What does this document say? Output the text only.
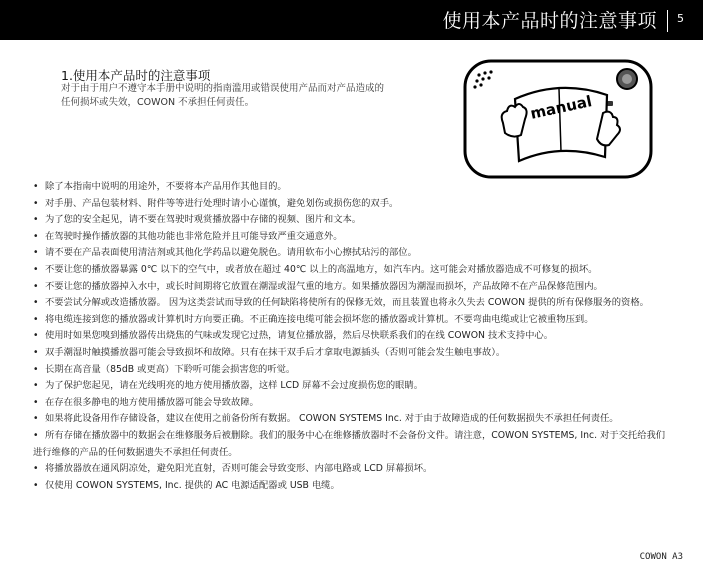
使用本产品时的注意事项 5
1.使用本产品时的注意事项
对于由于用户不遵守本手册中说明的指南滥用或错误使用产品而对产品造成的
任何损坏或失效，COWON 不承担任何责任。	manual
• 除了本指南中说明的用途外，不要将本产品用作其他目的。
• 对手册、产品包装材料、附件等等进行处理时请小心谨慎，避免划伤或损伤您的双手。
• 为了您的安全起见，请不要在驾驶时观赏播放器中存储的视频、图片和文本。
• 在驾驶时操作播放器的其他功能也非常危险并且可能导致严重交通意外。
• 请不要在产品表面使用清洁剂或其他化学药品以避免脱色。请用软布小心擦拭玷污的部位。
• 不要让您的播放器暴露 0℃ 以下的空气中，或者放在超过 40℃ 以上的高温地方，如汽车内。这可能会对播放器造成不可修复的损坏。
• 不要让您的播放器掉入水中，或长时间期将它放置在潮湿或湿气重的地方。如果播放器因为潮湿而损坏，产品故障不在产品保修范围内。
• 不要尝试分解或改造播放器。 因为这类尝试而导致的任何缺陷将使所有的保修无效，而且装置也将永久失去 COWON 提供的所有保修服务的资格。
• 将电缆连接到您的播放器或计算机时方向要正确。不正确连接电缆可能会损坏您的播放器或计算机。不要弯曲电缆或让它被重物压到。
• 使用时如果您嗅到播放器传出烧焦的气味或发现它过热，请复位播放器，然后尽快联系我们的在线 COWON 技术支持中心。
• 双手潮湿时触摸播放器可能会导致损坏和故障。只有在抹干双手后才拿取电源插头（否则可能会发生触电事故）。
• 长期在高音量（85dB 或更高）下聆听可能会损害您的听觉。
• 为了保护您起见，请在光线明亮的地方使用播放器，这样 LCD 屏幕不会过度损伤您的眼睛。
• 在存在很多静电的地方使用播放器可能会导致故障。
• 如果将此设备用作存储设备，建议在使用之前备份所有数据。 COWON SYSTEMS Inc. 对于由于故障造成的任何数据损失不承担任何责任。
• 所有存储在播放器中的数据会在维修服务后被删除。我们的服务中心在维修播放器时不会备份文件。请注意，COWON SYSTEMS, Inc. 对于交托给我们进行维修的产品的任何数据遗失不承担任何责任。
• 将播放器放在通风阴凉处，避免阳光直射，否则可能会导致变形、内部电路或 LCD 屏幕损坏。
• 仅使用 COWON SYSTEMS, Inc. 提供的 AC 电源适配器或 USB 电缆。
COWON A3
